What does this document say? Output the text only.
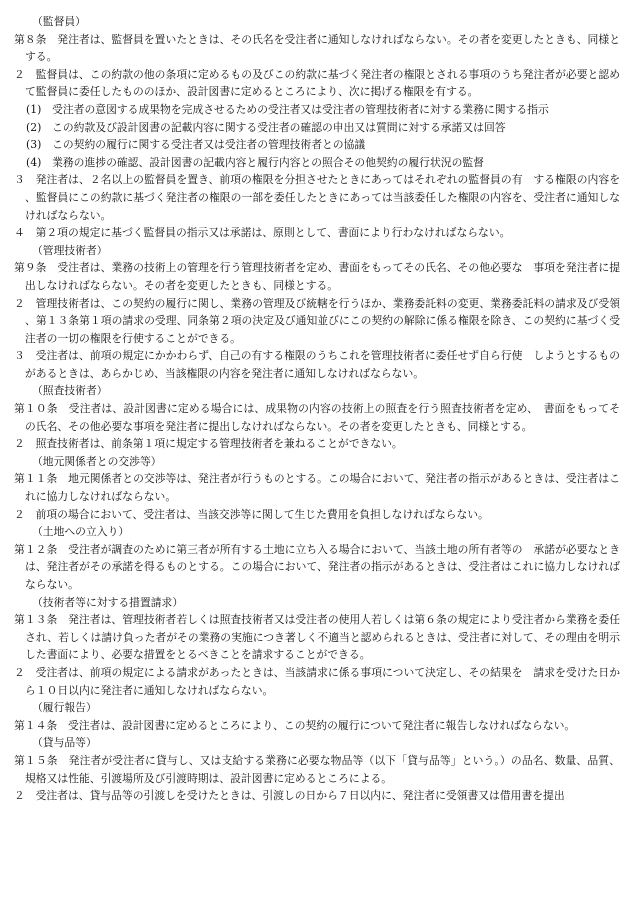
（監督員）

第８条　発注者は、監督員を置いたときは、その氏名を受注者に通知しなければならない。その者を変更したときも、同様とする。

２　監督員は、この約款の他の条項に定めるもの及びこの約款に基づく発注者の権限とされる事項のうち発注者が必要と認めて監督員に委任したもののほか、設計図書に定めるところにより、次に掲げる権限を有する。

(1)　受注者の意図する成果物を完成させるための受注者又は受注者の管理技術者に対する業務に関する指示

(2)　この約款及び設計図書の記載内容に関する受注者の確認の申出又は質問に対する承諾又は回答

(3)　この契約の履行に関する受注者又は受注者の管理技術者との協議

(4)　業務の進捗の確認、設計図書の記載内容と履行内容との照合その他契約の履行状況の監督

３　発注者は、２名以上の監督員を置き、前項の権限を分担させたときにあってはそれぞれの監督員の有　する権限の内容を、監督員にこの約款に基づく発注者の権限の一部を委任したときにあっては当該委任した権限の内容を、受注者に通知しなければならない。

４　第２項の規定に基づく監督員の指示又は承諾は、原則として、書面により行わなければならない。

（管理技術者）

第９条　受注者は、業務の技術上の管理を行う管理技術者を定め、書面をもってその氏名、その他必要な　事項を発注者に提出しなければならない。その者を変更したときも、同様とする。

２　管理技術者は、この契約の履行に関し、業務の管理及び統轄を行うほか、業務委託料の変更、業務委託料の請求及び受領、第１３条第１項の請求の受理、同条第２項の決定及び通知並びにこの契約の解除に係る権限を除き、この契約に基づく受注者の一切の権限を行使することができる。

３　受注者は、前項の規定にかかわらず、自己の有する権限のうちこれを管理技術者に委任せず自ら行使　しようとするものがあるときは、あらかじめ、当該権限の内容を発注者に通知しなければならない。

（照査技術者）

第１０条　受注者は、設計図書に定める場合には、成果物の内容の技術上の照査を行う照査技術者を定め、　書面をもってその氏名、その他必要な事項を発注者に提出しなければならない。その者を変更したときも、同様とする。

２　照査技術者は、前条第１項に規定する管理技術者を兼ねることができない。

（地元関係者との交渉等）

第１１条　地元関係者との交渉等は、発注者が行うものとする。この場合において、発注者の指示があるときは、受注者はこれに協力しなければならない。

２　前項の場合において、受注者は、当該交渉等に関して生じた費用を負担しなければならない。

（土地への立入り）

第１２条　受注者が調査のために第三者が所有する土地に立ち入る場合において、当該土地の所有者等の　承諾が必要なときは、発注者がその承諾を得るものとする。この場合において、発注者の指示があるときは、受注者はこれに協力しなければならない。

（技術者等に対する措置請求）

第１３条　発注者は、管理技術者若しくは照査技術者又は受注者の使用人若しくは第６条の規定により受注者から業務を委任され、若しくは請け負った者がその業務の実施につき著しく不適当と認められるときは、受注者に対して、その理由を明示した書面により、必要な措置をとるべきことを請求することができる。

２　受注者は、前項の規定による請求があったときは、当該請求に係る事項について決定し、その結果を　請求を受けた日から１０日以内に発注者に通知しなければならない。

（履行報告）

第１４条　受注者は、設計図書に定めるところにより、この契約の履行について発注者に報告しなければならない。

（貸与品等）

第１５条　発注者が受注者に貸与し、又は支給する業務に必要な物品等（以下「貸与品等」という。）の品名、数量、品質、規格又は性能、引渡場所及び引渡時期は、設計図書に定めるところによる。

２　受注者は、貸与品等の引渡しを受けたときは、引渡しの日から７日以内に、発注者に受領書又は借用書を提出
